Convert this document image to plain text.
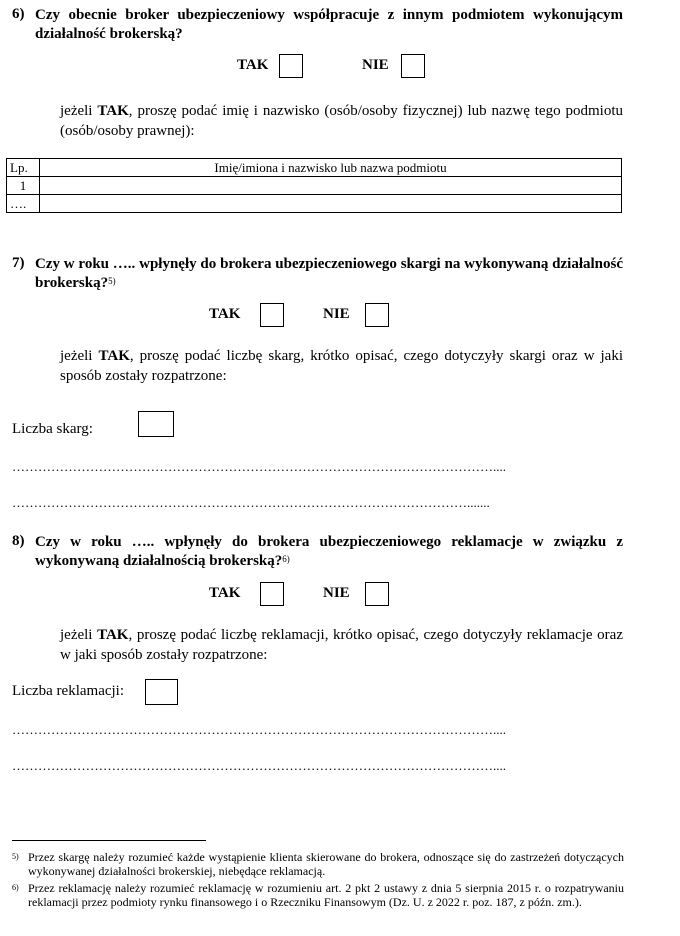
6) Czy obecnie broker ubezpieczeniowy współpracuje z innym podmiotem wykonującym działalność brokerską?
TAK	NIE
jeżeli TAK, proszę podać imię i nazwisko (osób/osoby fizycznej) lub nazwę tego podmiotu (osób/osoby prawnej):
Lp.	Imię/imiona i nazwisko lub nazwa podmiotu
1	
….	
7) Czy w roku ….. wpłynęły do brokera ubezpieczeniowego skargi na wykonywaną działalność brokerską?$^{5)}$
TAK	NIE
jeżeli TAK, proszę podać liczbę skarg, krótko opisać, czego dotyczyły skargi oraz w jaki sposób zostały rozpatrzone:
Liczba skarg:
…………………………………………………………………………………………………....
…………………………………………………………………………………………….......
8) Czy w roku ….. wpłynęły do brokera ubezpieczeniowego reklamacje w związku z wykonywaną działalnością brokerską?$^{6)}$
TAK	NIE
jeżeli TAK, proszę podać liczbę reklamacji, krótko opisać, czego dotyczyły reklamacje oraz w jaki sposób zostały rozpatrzone:
Liczba reklamacji:
…………………………………………………………………………………………………....
…………………………………………………………………………………………………....
$^{5)}$ Przez skargę należy rozumieć każde wystąpienie klienta skierowane do brokera, odnoszące się do zastrzeżeń dotyczących wykonywanej działalności brokerskiej, niebędące reklamacją.
$^{6)}$ Przez reklamację należy rozumieć reklamację w rozumieniu art. 2 pkt 2 ustawy z dnia 5 sierpnia 2015 r. o rozpatrywaniu reklamacji przez podmioty rynku finansowego i o Rzeczniku Finansowym (Dz. U. z 2022 r. poz. 187, z późn. zm.).
